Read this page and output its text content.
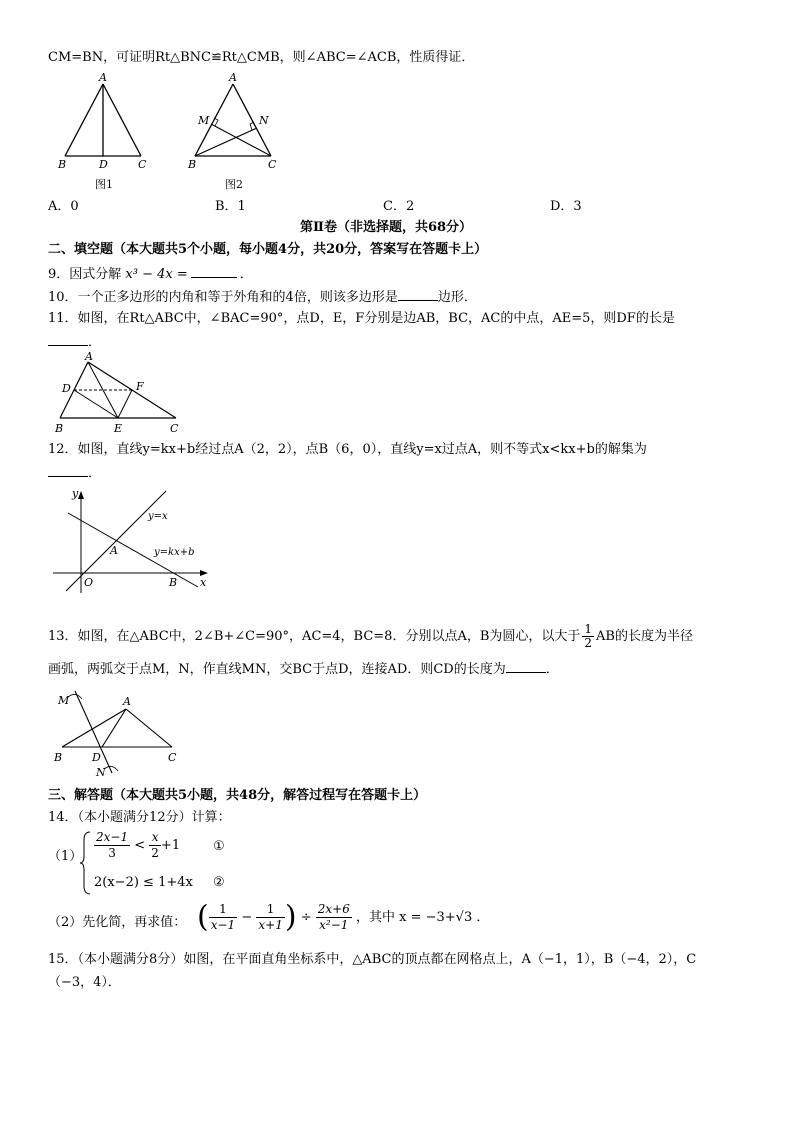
CM=BN，可证明Rt△BNC≌Rt△CMB，则∠ABC=∠ACB，性质得证．
A
B	D	C
图1
A
M	N
B	C
图2
A．0	B．1	C．2	D．3
第Ⅱ卷（非选择题，共68分）
二、填空题（本大题共5个小题，每小题4分，共20分，答案写在答题卡上）
9．因式分解 x³ − 4x =	．
10．一个正多边形的内角和等于外角和的4倍，则该多边形是	边形．
11．如图，在Rt△ABC中，∠BAC=90°，点D，E，F分别是边AB，BC，AC的中点，AE=5，则DF的长是
．
A
D	F
B	E	C
12．如图，直线y=kx+b经过点A（2，2），点B（6，0），直线y=x过点A，则不等式x<kx+b的解集为
．
y
x
O
A
B
y=x
y=kx+b
13．如图，在△ABC中，2∠B+∠C=90°，AC=4，BC=8．分别以点A，B为圆心，以大于 $\frac{1}{2}$ AB的长度为半径
画弧，两弧交于点M，N，作直线MN，交BC于点D，连接AD．则CD的长度为	．
M	A
B	D	C
N
三、解答题（本大题共5小题，共48分，解答过程写在答题卡上）
14．（本小题满分12分）计算：
$(1) \frac{2x-1}{3} < \frac{x}{2} +1$	①
2(x−2) ≤ 1+4x ②
（2）先化简，再求值： ( $\frac{1}{x-1} - \frac{1}{x+1}$ ) ÷ $\frac{2x+6}{\text{x²−1}}$ ，其中 x = −3+√3 ．
15．（本小题满分8分）如图，在平面直角坐标系中，△ABC的顶点都在网格点上，A（−1，1），B（−4，2），C
（−3，4）．
